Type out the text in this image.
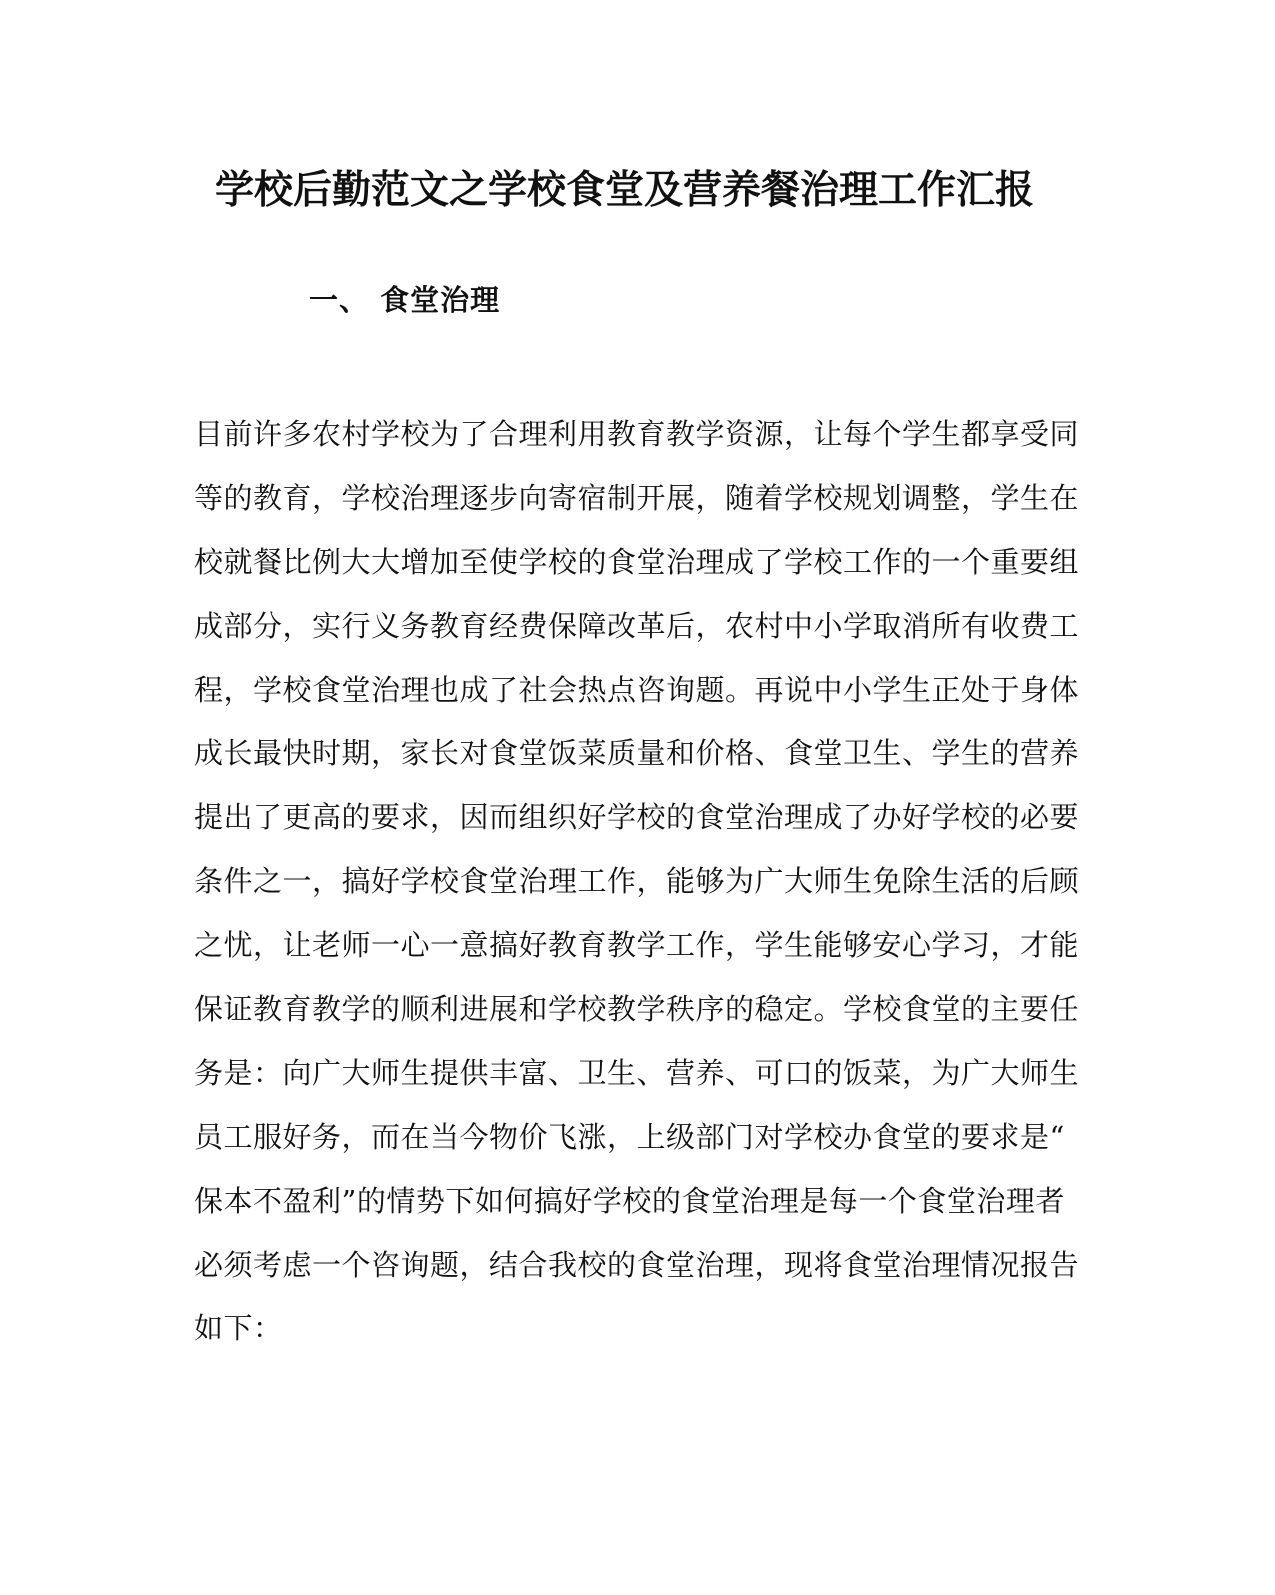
学校后勤范文之学校食堂及营养餐治理工作汇报
一、 食堂治理
目前许多农村学校为了合理利用教育教学资源，让每个学生都享受同
等的教育，学校治理逐步向寄宿制开展，随着学校规划调整，学生在
校就餐比例大大增加至使学校的食堂治理成了学校工作的一个重要组
成部分，实行义务教育经费保障改革后，农村中小学取消所有收费工
程，学校食堂治理也成了社会热点咨询题。再说中小学生正处于身体
成长最快时期，家长对食堂饭菜质量和价格、食堂卫生、学生的营养
提出了更高的要求，因而组织好学校的食堂治理成了办好学校的必要
条件之一，搞好学校食堂治理工作，能够为广大师生免除生活的后顾
之忧，让老师一心一意搞好教育教学工作，学生能够安心学习，才能
保证教育教学的顺利进展和学校教学秩序的稳定。学校食堂的主要任
务是：向广大师生提供丰富、卫生、营养、可口的饭菜，为广大师生
员工服好务，而在当今物价飞涨，上级部门对学校办食堂的要求是“
保本不盈利”的情势下如何搞好学校的食堂治理是每一个食堂治理者
必须考虑一个咨询题，结合我校的食堂治理，现将食堂治理情况报告
如下：
